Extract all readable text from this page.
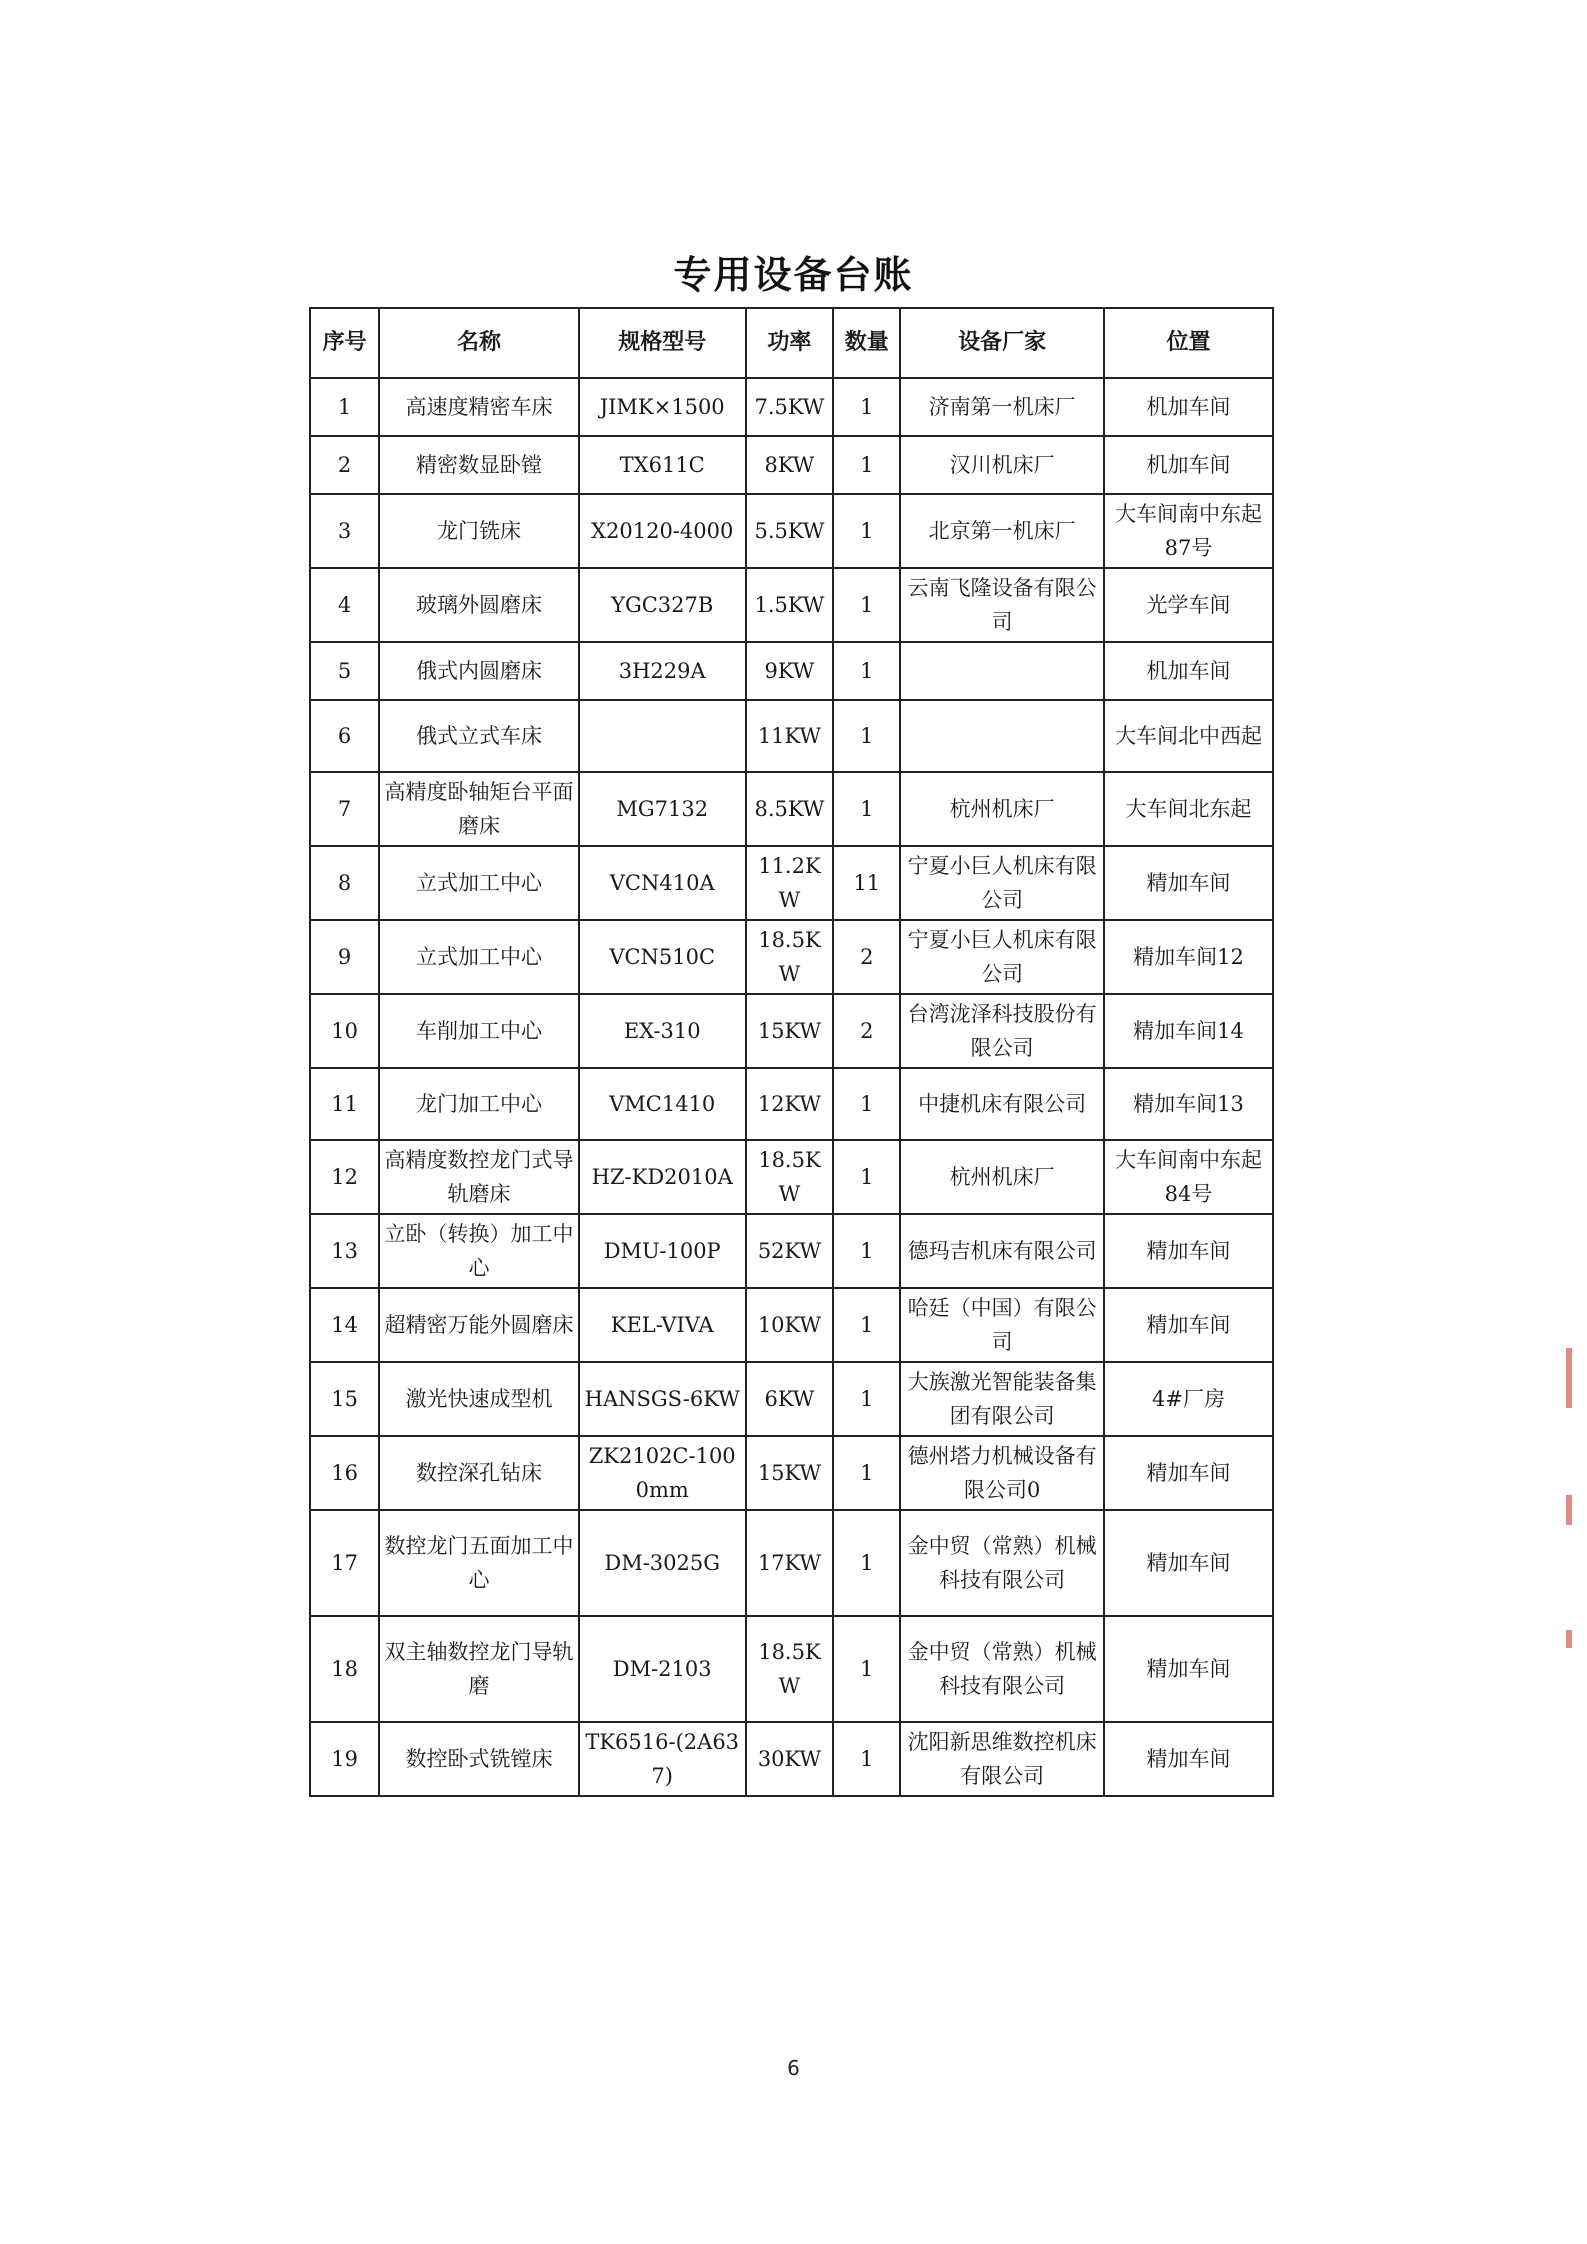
专用设备台账
序号	名称	规格型号	功率	数量	设备厂家	位置
1	高速度精密车床	JIMK×1500	7.5KW	1	济南第一机床厂	机加车间
2	精密数显卧镗	TX611C	8KW	1	汉川机床厂	机加车间
3	龙门铣床	X20120-4000	5.5KW	1	北京第一机床厂	大车间南中东起87号
4	玻璃外圆磨床	YGC327B	1.5KW	1	云南飞隆设备有限公司	光学车间
5	俄式内圆磨床	3H229A	9KW	1		机加车间
6	俄式立式车床		11KW	1		大车间北中西起
7	高精度卧轴矩台平面磨床	MG7132	8.5KW	1	杭州机床厂	大车间北东起
8	立式加工中心	VCN410A	11.2KW	11	宁夏小巨人机床有限公司	精加车间
9	立式加工中心	VCN510C	18.5KW	2	宁夏小巨人机床有限公司	精加车间12
10	车削加工中心	EX-310	15KW	2	台湾泷泽科技股份有限公司	精加车间14
11	龙门加工中心	VMC1410	12KW	1	中捷机床有限公司	精加车间13
12	高精度数控龙门式导轨磨床	HZ-KD2010A	18.5KW	1	杭州机床厂	大车间南中东起84号
13	立卧（转换）加工中心	DMU-100P	52KW	1	德玛吉机床有限公司	精加车间
14	超精密万能外圆磨床	KEL-VIVA	10KW	1	哈廷（中国）有限公司	精加车间
15	激光快速成型机	HANSGS-6KW	6KW	1	大族激光智能装备集团有限公司	4#厂房
16	数控深孔钻床	ZK2102C-1000mm	15KW	1	德州塔力机械设备有限公司0	精加车间
17	数控龙门五面加工中心	DM-3025G	17KW	1	金中贸（常熟）机械科技有限公司	精加车间
18	双主轴数控龙门导轨磨	DM-2103	18.5KW	1	金中贸（常熟）机械科技有限公司	精加车间
19	数控卧式铣镗床	TK6516-(2A637)	30KW	1	沈阳新思维数控机床有限公司	精加车间
6
